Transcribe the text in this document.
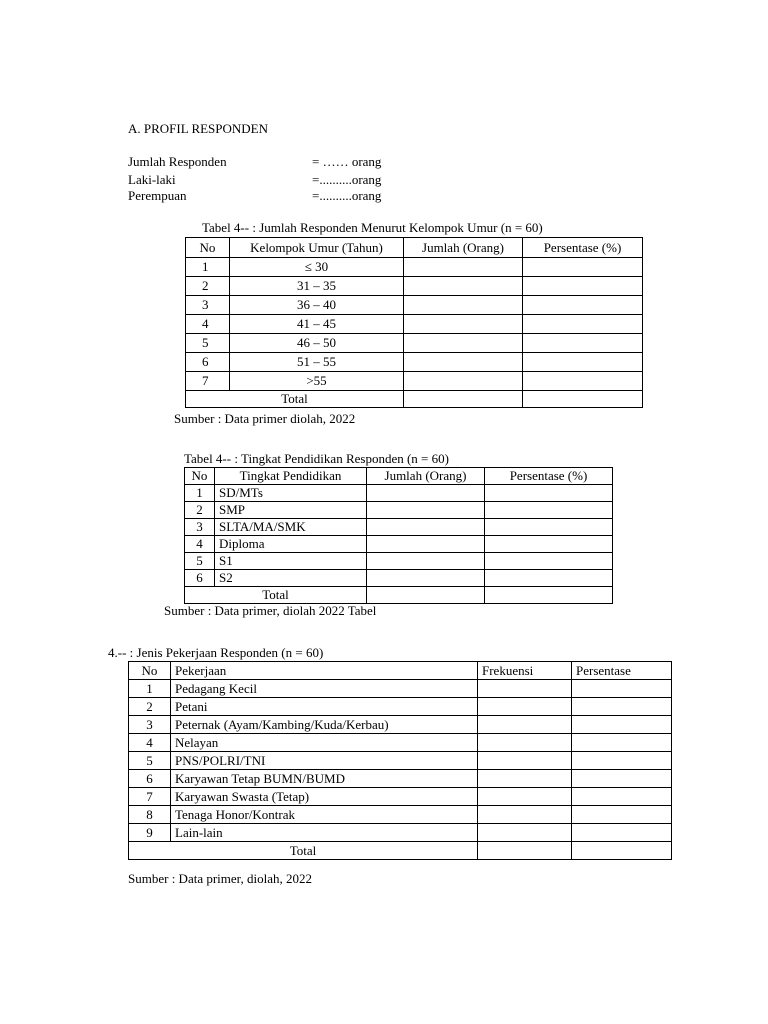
A. PROFIL RESPONDEN
Jumlah Responden	= …… orang
Laki-laki	=..........orang
Perempuan	=..........orang
Tabel 4-- : Jumlah Responden Menurut Kelompok Umur (n = 60)
No	Kelompok Umur (Tahun)	Jumlah (Orang)	Persentase (%)
1	≤ 30		
2	31 – 35		
3	36 – 40		
4	41 – 45		
5	46 – 50		
6	51 – 55		
7	>55		
Total			
Sumber : Data primer diolah, 2022
Tabel 4-- : Tingkat Pendidikan Responden (n = 60)
No	Tingkat Pendidikan	Jumlah (Orang)	Persentase (%)
1	SD/MTs		
2	SMP		
3	SLTA/MA/SMK		
4	Diploma		
5	S1		
6	S2		
Total			
Sumber : Data primer, diolah 2022 Tabel
4.-- : Jenis Pekerjaan Responden (n = 60)
No	Pekerjaan	Frekuensi	Persentase
1	Pedagang Kecil		
2	Petani		
3	Peternak (Ayam/Kambing/Kuda/Kerbau)		
4	Nelayan		
5	PNS/POLRI/TNI		
6	Karyawan Tetap BUMN/BUMD		
7	Karyawan Swasta (Tetap)		
8	Tenaga Honor/Kontrak		
9	Lain-lain		
Total			
Sumber : Data primer, diolah, 2022
